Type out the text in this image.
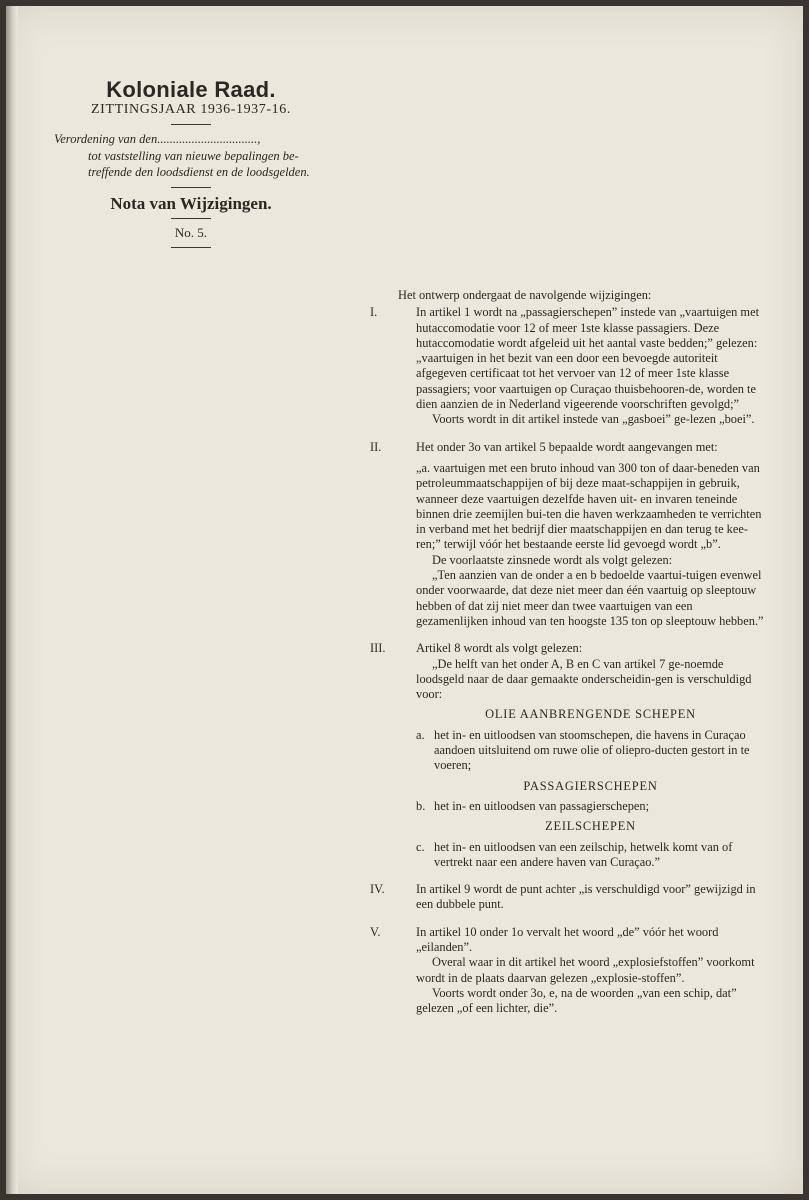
Koloniale Raad.
ZITTINGSJAAR 1936-1937-16.
Verordening van den................................,
tot vaststelling van nieuwe bepalingen be-
treffende den loodsdienst en de loodsgelden.
Nota van Wijzigingen.
No. 5.
Het ontwerp ondergaat de navolgende wijzigingen:
I.	In artikel 1 wordt na „passagierschepen” instede van „vaartuigen met hutaccomodatie voor 12 of meer 1ste klasse passagiers. Deze hutaccomodatie wordt afgeleid uit het aantal vaste bedden;” gelezen: „vaartuigen in het bezit van een door een bevoegde autoriteit afgegeven certificaat tot het vervoer van 12 of meer 1ste klasse passagiers; voor vaartuigen op Curaçao thuisbehooren-de, worden te dien aanzien de in Nederland vigeerende voorschriften gevolgd;”

Voorts wordt in dit artikel instede van „gasboei” ge-lezen „boei”.

II.	Het onder 3o van artikel 5 bepaalde wordt aangevangen met:

„a. vaartuigen met een bruto inhoud van 300 ton of daar-beneden van petroleummaatschappijen of bij deze maat-schappijen in gebruik, wanneer deze vaartuigen dezelfde haven uit- en invaren teneinde binnen drie zeemijlen bui-ten die haven werkzaamheden te verrichten in verband met het bedrijf dier maatschappijen en dan terug te kee-ren;” terwijl vóór het bestaande eerste lid gevoegd wordt „b”.

De voorlaatste zinsnede wordt als volgt gelezen:

„Ten aanzien van de onder a en b bedoelde vaartui-tuigen evenwel onder voorwaarde, dat deze niet meer dan één vaartuig op sleeptouw hebben of dat zij niet meer dan twee vaartuigen van een gezamenlijken inhoud van ten hoogste 135 ton op sleeptouw hebben.”

III. Artikel 8 wordt als volgt gelezen:

„De helft van het onder A, B en C van artikel 7 ge-noemde loodsgeld naar de daar gemaakte onderscheidin-gen is verschuldigd voor:

OLIE AANBRENGENDE SCHEPEN
a. het in- en uitloodsen van stoomschepen, die havens in Curaçao aandoen uitsluitend om ruwe olie of oliepro-ducten gestort in te voeren;
PASSAGIERSCHEPEN
b. het in- en uitloodsen van passagierschepen;
ZEILSCHEPEN
c. het in- en uitloodsen van een zeilschip, hetwelk komt van of vertrekt naar een andere haven van Curaçao.”
IV.	In artikel 9 wordt de punt achter „is verschuldigd voor” gewijzigd in een dubbele punt.

V.	In artikel 10 onder 1o vervalt het woord „de” vóór het woord „eilanden”.

Overal waar in dit artikel het woord „explosiefstoffen” voorkomt wordt in de plaats daarvan gelezen „explosie-stoffen”.

Voorts wordt onder 3o, e, na de woorden „van een schip, dat” gelezen „of een lichter, die”.
